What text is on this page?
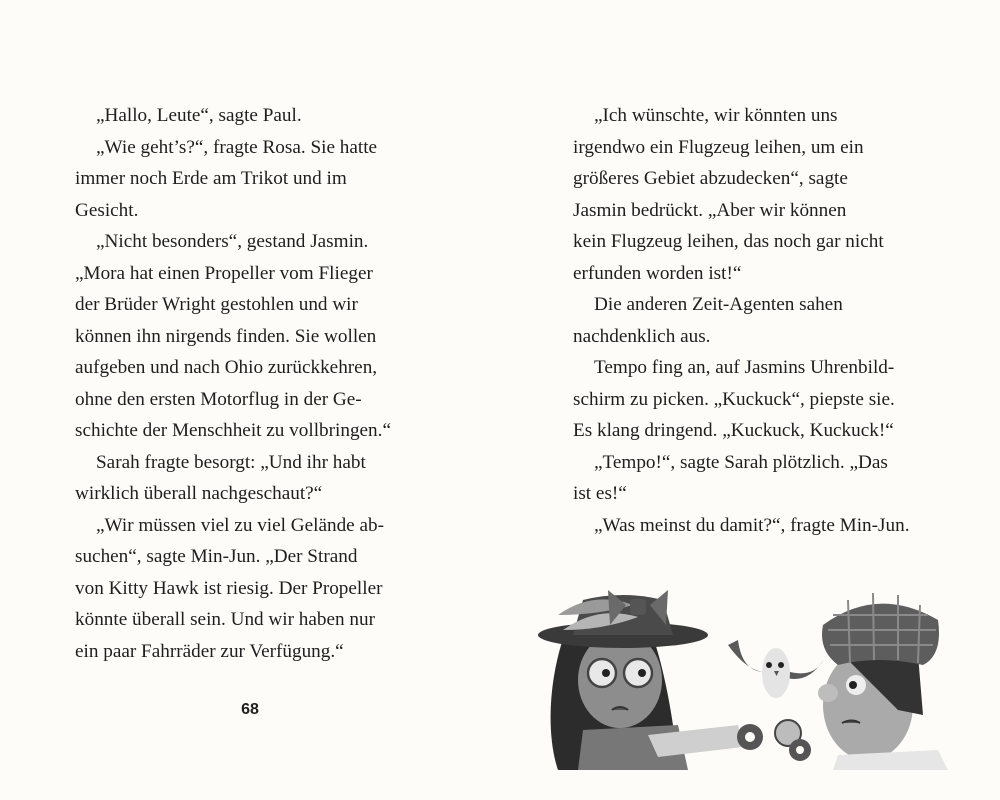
„Hallo, Leute“, sagte Paul.

„Wie geht’s?“, fragte Rosa. Sie hatte
immer noch Erde am Trikot und im
Gesicht.

„Nicht besonders“, gestand Jasmin.
„Mora hat einen Propeller vom Flieger
der Brüder Wright gestohlen und wir
können ihn nirgends finden. Sie wollen
aufgeben und nach Ohio zurückkehren,
ohne den ersten Motorflug in der Ge-
schichte der Menschheit zu vollbringen.“

Sarah fragte besorgt: „Und ihr habt
wirklich überall nachgeschaut?“

„Wir müssen viel zu viel Gelände ab-
suchen“, sagte Min-Jun. „Der Strand
von Kitty Hawk ist riesig. Der Propeller
könnte überall sein. Und wir haben nur
ein paar Fahrräder zur Verfügung.“

68

„Ich wünschte, wir könnten uns
irgendwo ein Flugzeug leihen, um ein
größeres Gebiet abzudecken“, sagte
Jasmin bedrückt. „Aber wir können
kein Flugzeug leihen, das noch gar nicht
erfunden worden ist!“

Die anderen Zeit-Agenten sahen
nachdenklich aus.

Tempo fing an, auf Jasmins Uhrenbild-
schirm zu picken. „Kuckuck“, piepste sie.
Es klang dringend. „Kuckuck, Kuckuck!“

„Tempo!“, sagte Sarah plötzlich. „Das
ist es!“

„Was meinst du damit?“, fragte Min-Jun.
